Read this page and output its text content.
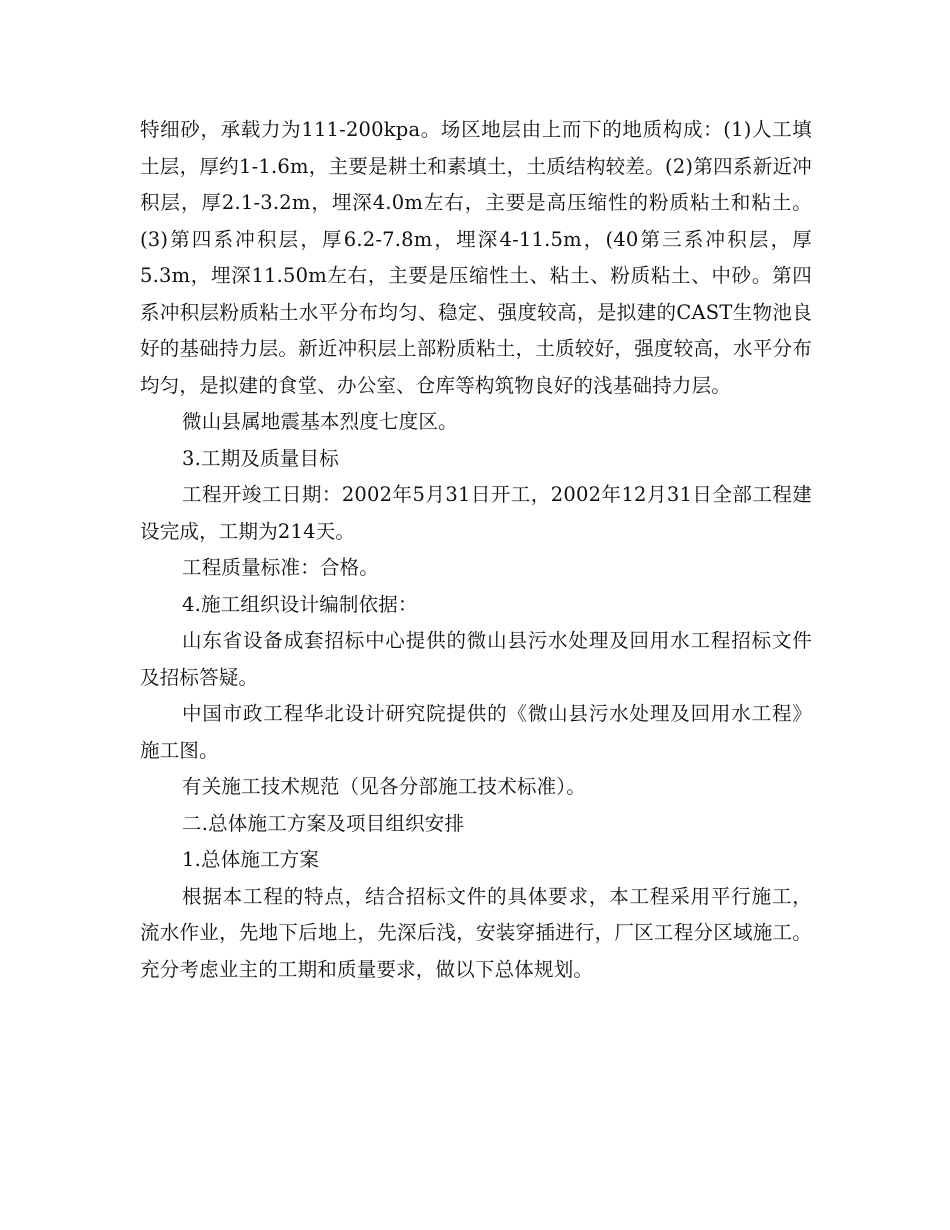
特细砂，承载力为111-200kpa。场区地层由上而下的地质构成：(1)人工填土层，厚约1-1.6m，主要是耕土和素填土，土质结构较差。(2)第四系新近冲积层，厚2.1-3.2m，埋深4.0m左右，主要是高压缩性的粉质粘土和粘土。(3)第四系冲积层，厚6.2-7.8m，埋深4-11.5m，(40第三系冲积层，厚5.3m，埋深11.50m左右，主要是压缩性土、粘土、粉质粘土、中砂。第四系冲积层粉质粘土水平分布均匀、稳定、强度较高，是拟建的CAST生物池良好的基础持力层。新近冲积层上部粉质粘土，土质较好，强度较高，水平分布均匀，是拟建的食堂、办公室、仓库等构筑物良好的浅基础持力层。

微山县属地震基本烈度七度区。

3.工期及质量目标

工程开竣工日期：2002年5月31日开工，2002年12月31日全部工程建设完成，工期为214天。

工程质量标准：合格。

4.施工组织设计编制依据：

山东省设备成套招标中心提供的微山县污水处理及回用水工程招标文件及招标答疑。

中国市政工程华北设计研究院提供的《微山县污水处理及回用水工程》施工图。

有关施工技术规范（见各分部施工技术标准）。

二.总体施工方案及项目组织安排

1.总体施工方案

根据本工程的特点，结合招标文件的具体要求，本工程采用平行施工，流水作业，先地下后地上，先深后浅，安装穿插进行，厂区工程分区域施工。充分考虑业主的工期和质量要求，做以下总体规划。
